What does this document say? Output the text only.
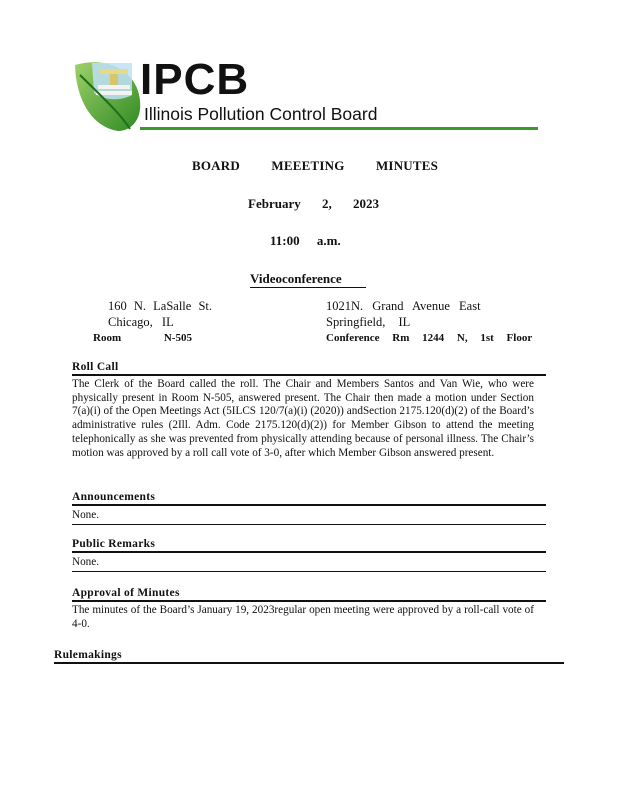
IPCB
Illinois Pollution Control Board
BOARD MEEETING MINUTES
February 2, 2023
11:00 a.m.
Videoconference
160 N. LaSalle St.
Chicago, IL
Room N-505
1021N. Grand Avenue East
Springfield, IL
Conference Rm 1244 N, 1st Floor
Roll Call
The Clerk of the Board called the roll. The Chair and Members Santos and Van Wie, who were physically present in Room N-505, answered present. The Chair then made a motion under Section 7(a)(i) of the Open Meetings Act (5ILCS 120/7(a)(i) (2020)) andSection 2175.120(d)(2) of the Board’s administrative rules (2Ill. Adm. Code 2175.120(d)(2)) for Member Gibson to attend the meeting telephonically as she was prevented from physically attending because of personal illness. The Chair’s motion was approved by a roll call vote of 3-0, after which Member Gibson answered present.
Announcements
None.
Public Remarks
None.
Approval of Minutes
The minutes of the Board’s January 19, 2023regular open meeting were approved by a roll-call vote of 4-0.
Rulemakings
